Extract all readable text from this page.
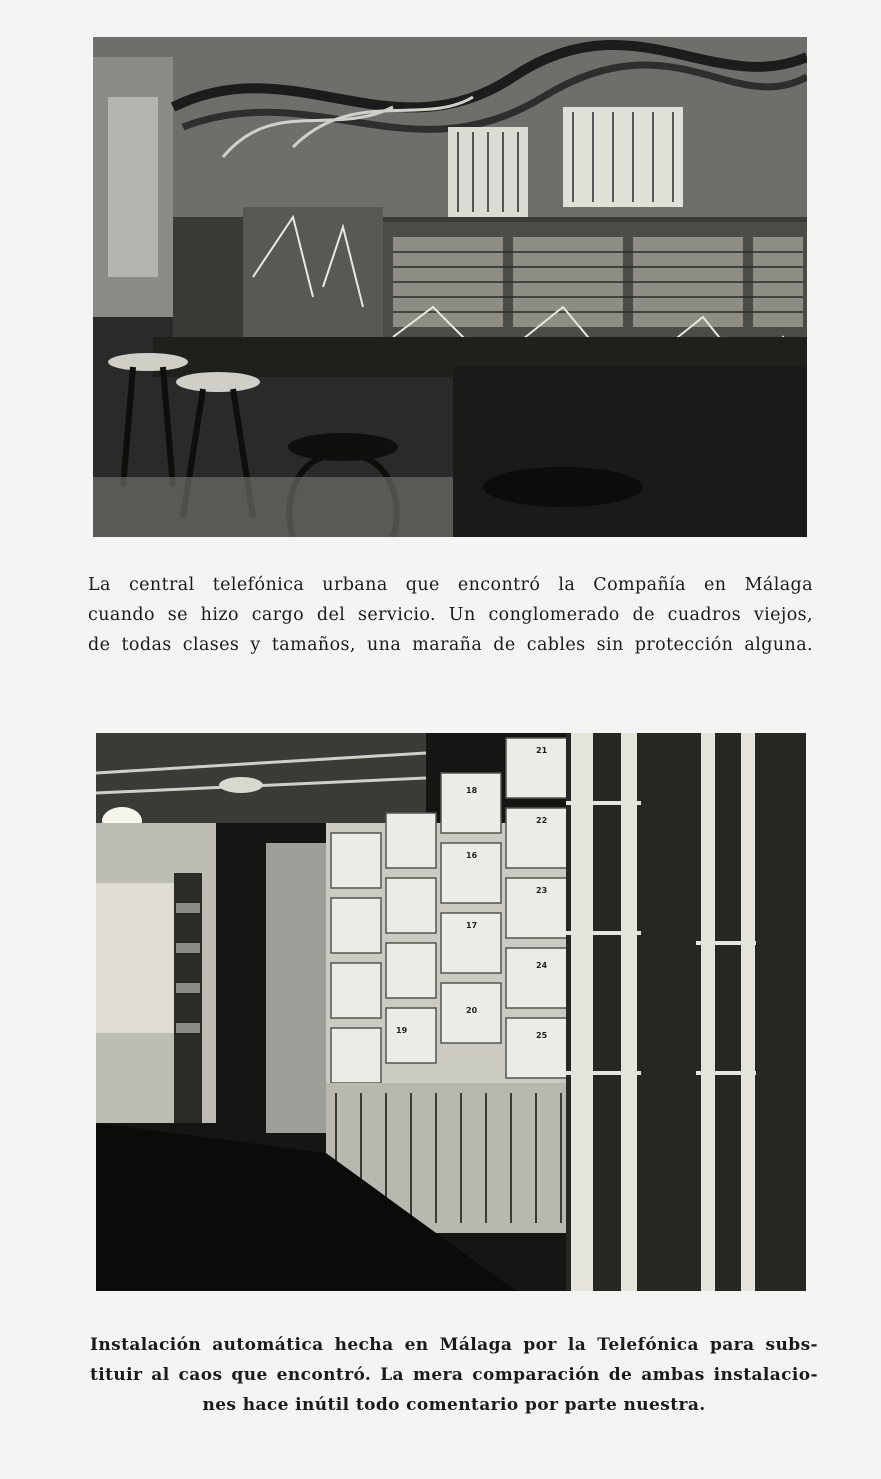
La central telefónica urbana que encontró la Compañía en Málaga
cuando se hizo cargo del servicio. Un conglomerado de cuadros viejos,
de todas clases y tamaños, una maraña de cables sin protección alguna.
21
22
23
24
25
16
17
18
19
20
Instalación automática hecha en Málaga por la Telefónica para subs-
tituir al caos que encontró. La mera comparación de ambas instalacio-
nes hace inútil todo comentario por parte nuestra.
